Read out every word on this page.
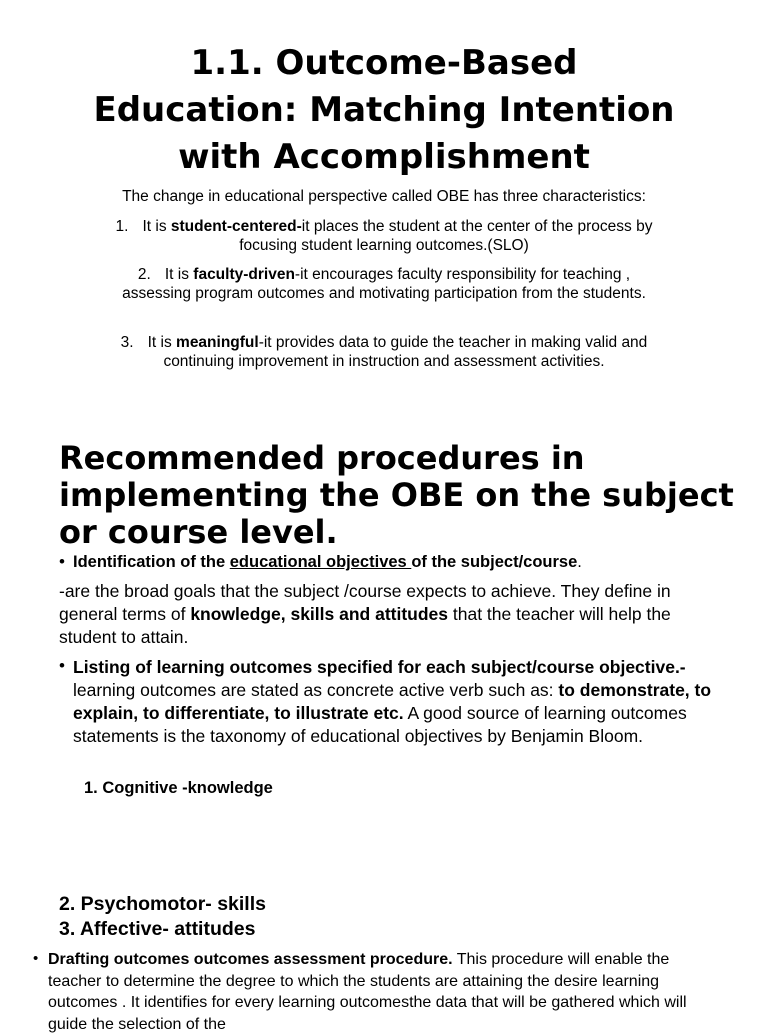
1.1. Outcome-Based Education: Matching Intention with Accomplishment

The change in educational perspective called OBE has three characteristics:

1. It is student-centered-it places the student at the center of the process by focusing student learning outcomes.(SLO)
2. It is faculty-driven-it encourages faculty responsibility for teaching , assessing program outcomes and motivating participation from the students.
3. It is meaningful-it provides data to guide the teacher in making valid and continuing improvement in instruction and assessment activities.
Recommended procedures in implementing the OBE on the subject or course level.
• Identification of the educational objectives of the subject/course.

-are the broad goals that the subject /course expects to achieve. They define in general terms of knowledge, skills and attitudes that the teacher will help the student to attain.

• Listing of learning outcomes specified for each subject/course objective.-learning outcomes are stated as concrete active verb such as: to demonstrate, to explain, to differentiate, to illustrate etc. A good source of learning outcomes statements is the taxonomy of educational objectives by Benjamin Bloom.

1. Cognitive -knowledge

2. Psychomotor- skills

3. Affective- attitudes

• Drafting outcomes outcomes assessment procedure. This procedure will enable the teacher to determine the degree to which the students are attaining the desire learning outcomes . It identifies for every learning outcomesthe data that will be gathered which will guide the selection of the
